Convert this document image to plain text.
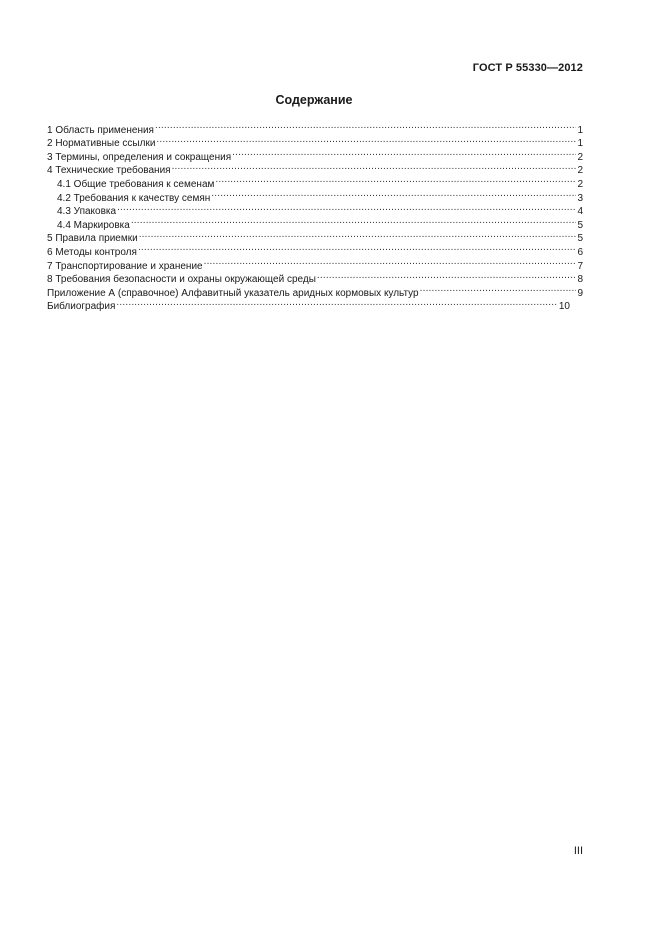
ГОСТ Р 55330—2012
Содержание
1 Область применения .....	1
2 Нормативные ссылки .....	1
3 Термины, определения и сокращения .....	2
4 Технические требования .....	2
4.1 Общие требования к семенам .....	2
4.2 Требования к качеству семян .....	3
4.3 Упаковка .....	4
4.4 Маркировка .....	5
5 Правила приемки .....	5
6 Методы контроля .....	6
7 Транспортирование и хранение .....	7
8 Требования безопасности и охраны окружающей среды .....	8
Приложение А (справочное) Алфавитный указатель аридных кормовых культур .....	9
Библиография .....	10
III
